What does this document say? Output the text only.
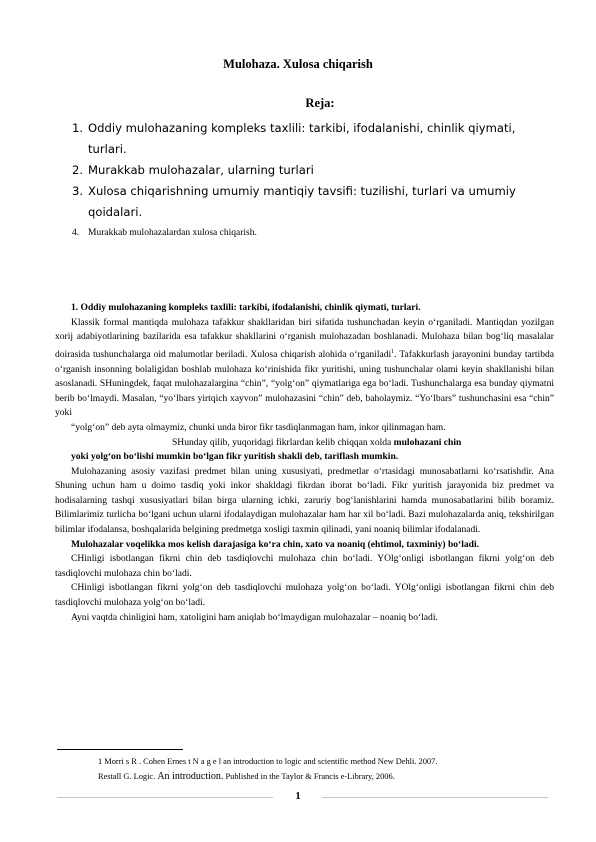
Mulohaza. Xulosa chiqarish
Reja:
1. Oddiy mulohazaning kompleks taxlili: tarkibi, ifodalanishi, chinlik qiymati,
turlari.
2. Murakkab mulohazalar, ularning turlari
3. Xulosa chiqarishning umumiy mantiqiy tavsifi: tuzilishi, turlari va umumiy
qoidalari.
4. Murakkab mulohazalardan xulosa chiqarish.

1. Oddiy mulohazaning kompleks taxlili: tarkibi, ifodalanishi, chinlik qiymati, turlari.

Klassik formal mantiqda mulohaza tafakkur shakllaridan biri sifatida tushunchadan keyin o‘rganiladi. Mantiqdan yozilgan xorij adabiyotlarining bazilarida esa tafakkur shakllarini o‘rganish mulohazadan boshlanadi. Mulohaza bilan bog‘liq masalalar doirasida tushunchalarga oid malumotlar beriladi. Xulosa chiqarish alohida o‘rganiladi$^1$. Tafakkurlash jarayonini bunday tartibda o‘rganish insonning bolaligidan boshlab mulohaza ko‘rinishida fikr yuritishi, uning tushunchalar olami keyin shakllanishi bilan asoslanadi. SHuningdek, faqat mulohazalargina “chin”, “yolg‘on” qiymatlariga ega bo‘ladi. Tushunchalarga esa bunday qiymatni berib bo‘lmaydi. Masalan, “yo‘lbars yirtqich xayvon” mulohazasini “chin” deb, baholaymiz. “Yo‘lbars” tushunchasini esa “chin” yoki

“yolg‘on” deb ayta olmaymiz, chunki unda biror fikr tasdiqlanmagan ham, inkor qilinmagan ham.

SHunday qilib, yuqoridagi fikrlardan kelib chiqqan xolda mulohazani chin

yoki yolg‘on bo‘lishi mumkin bo‘lgan fikr yuritish shakli deb, tariflash mumkin.

Mulohazaning asosiy vazifasi predmet bilan uning xususiyati, predmetlar o‘rtasidagi munosabatlarni ko‘rsatishdir. Ana Shuning uchun ham u doimo tasdiq yoki inkor shakldagi fikrdan iborat bo‘ladi. Fikr yuritish jarayonida biz predmet va hodisalarning tashqi xususiyatlari bilan birga ularning ichki, zaruriy bog‘lanishlarini hamda munosabatlarini bilib boramiz. Bilimlarimiz turlicha bo‘lgani uchun ularni ifodalaydigan mulohazalar ham har xil bo‘ladi. Bazi mulohazalarda aniq, tekshirilgan bilimlar ifodalansa, boshqalarida belgining predmetga xosligi taxmin qilinadi, yani noaniq bilimlar ifodalanadi.

Mulohazalar voqelikka mos kelish darajasiga ko‘ra chin, xato va noaniq (ehtimol, taxminiy) bo‘ladi.

CHinligi isbotlangan fikrni chin deb tasdiqlovchi mulohaza chin bo‘ladi. YOlg‘onligi isbotlangan fikrni yolg‘on deb tasdiqlovchi mulohaza chin bo‘ladi.

CHinligi isbotlangan fikrni yolg‘on deb tasdiqlovchi mulohaza yolg‘on bo‘ladi. YOlg‘onligi isbotlangan fikrni chin deb tasdiqlovchi mulohaza yolg‘on bo‘ladi.

Ayni vaqtda chinligini ham, xatoligini ham aniqlab bo‘lmaydigan mulohazalar – noaniq bo‘ladi.

1 Morri s R . Cohen Ernes t N a g e l an introduction to logic and scientific method New Dehli. 2007.
Restall G. Logic. An introduction. Published in the Taylor & Francis e-Library, 2006.
1
